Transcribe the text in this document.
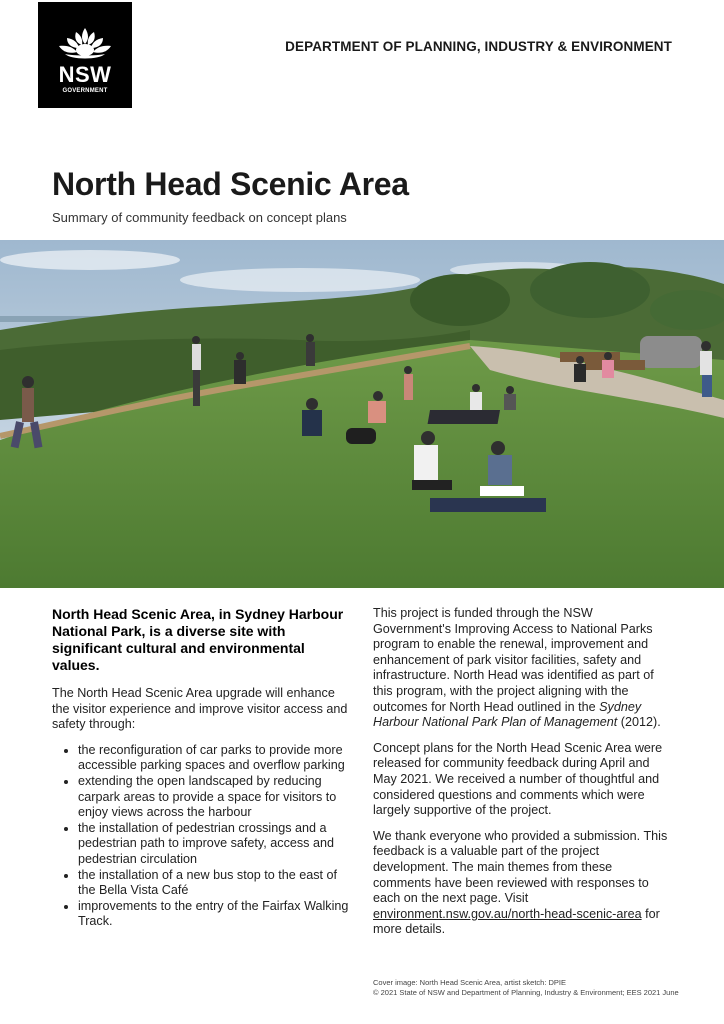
NSW
GOVERNMENT
DEPARTMENT OF PLANNING, INDUSTRY & ENVIRONMENT
North Head Scenic Area
Summary of community feedback on concept plans

North Head Scenic Area, in Sydney Harbour National Park, is a diverse site with significant cultural and environmental values.

The North Head Scenic Area upgrade will enhance the visitor experience and improve visitor access and safety through:

• the reconfiguration of car parks to provide more accessible parking spaces and overflow parking
• extending the open landscaped by reducing carpark areas to provide a space for visitors to enjoy views across the harbour
• the installation of pedestrian crossings and a pedestrian path to improve safety, access and pedestrian circulation
• the installation of a new bus stop to the east of the Bella Vista Café
• improvements to the entry of the Fairfax Walking Track.

This project is funded through the NSW Government's Improving Access to National Parks program to enable the renewal, improvement and enhancement of park visitor facilities, safety and infrastructure. North Head was identified as part of this program, with the project aligning with the outcomes for North Head outlined in the Sydney Harbour National Park Plan of Management (2012).

Concept plans for the North Head Scenic Area were released for community feedback during April and May 2021. We received a number of thoughtful and considered questions and comments which were largely supportive of the project.

We thank everyone who provided a submission. This feedback is a valuable part of the project development. The main themes from these comments have been reviewed with responses to each on the next page. Visit environment.nsw.gov.au/north-head-scenic-area for more details.

Cover image: North Head Scenic Area, artist sketch: DPIE
© 2021 State of NSW and Department of Planning, Industry & Environment; EES 2021 June
